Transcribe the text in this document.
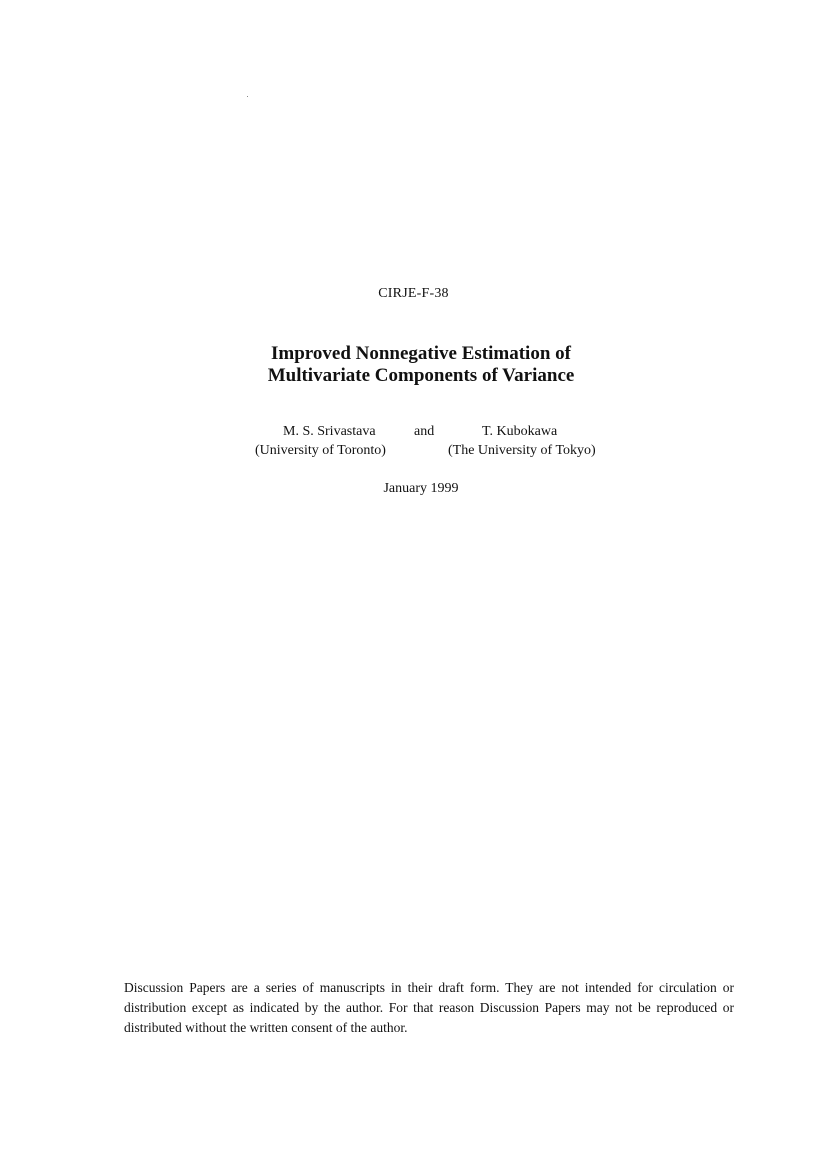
CIRJE-F-38
Improved Nonnegative Estimation of
Multivariate Components of Variance
M. S. Srivastava	and	T. Kubokawa
(University of Toronto)	(The University of Tokyo)
January 1999
Discussion Papers are a series of manuscripts in their draft form. They are not intended for circulation or distribution except as indicated by the author. For that reason Discussion Papers may not be reproduced or distributed without the written consent of the author.
